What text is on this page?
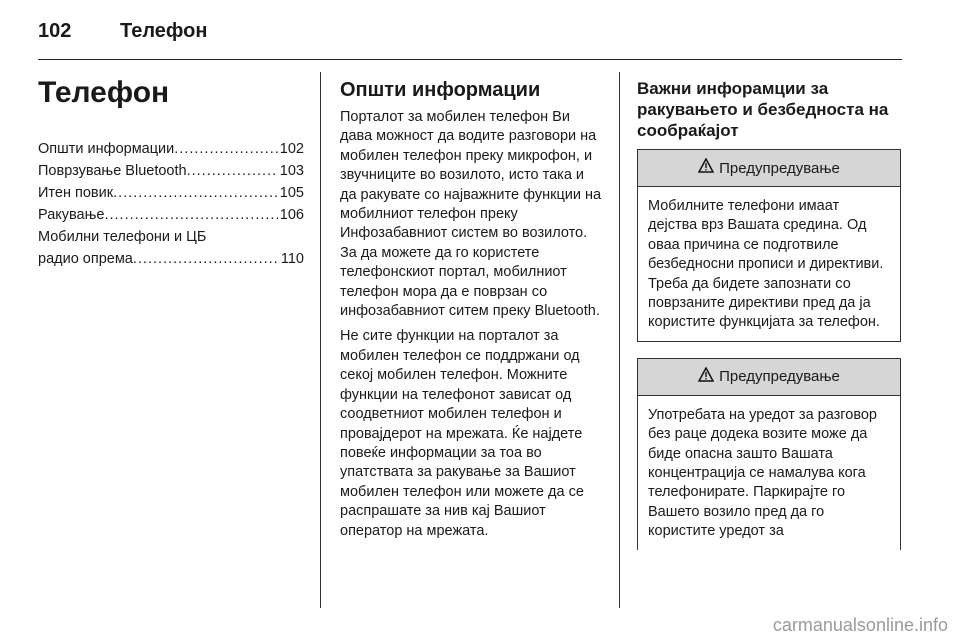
102 Телефон
Телефон
Општи информации .....	102
Поврзување Bluetooth .....	103
Итен повик .....	105
Ракување .....	106
Мобилни телефони и ЦБ
радио опрема .....	110
Општи информации

Порталот за мобилен телефон Ви дава можност да водите разговори на мобилен телефон преку микрофон, и звучниците во возилото, исто така и да ракувате со најважните функции на мобилниот телефон преку Инфозабавниот систем во возилото. За да можете да го користете телефонскиот портал, мобилниот телефон мора да е поврзан со инфозабавниот ситем преку Bluetooth.

Не сите функции на порталот за мобилен телефон се поддржани од секој мобилен телефон. Можните функции на телефонот зависат од соодветниот мобилен телефон и провајдерот на мрежата. Ќе најдете повеќе информации за тоа во упатствата за ракување за Вашиот мобилен телефон или можете да се распрашате за нив кај Вашиот оператор на мрежата.

Важни инфорамции за ракувањето и безбедноста на сообраќајот
Предупредување
Мобилните телефони имаат дејства врз Вашата средина. Од оваа причина се подготвиле безбедносни прописи и директиви. Треба да бидете запознати со поврзаните директиви пред да ја користите функцијата за телефон.
Предупредување
Употребата на уредот за разговор без раце додека возите може да биде опасна зашто Вашата концентрација се намалува кога телефонирате. Паркирајте го Вашето возило пред да го користите уредот за
carmanualsonline.info
